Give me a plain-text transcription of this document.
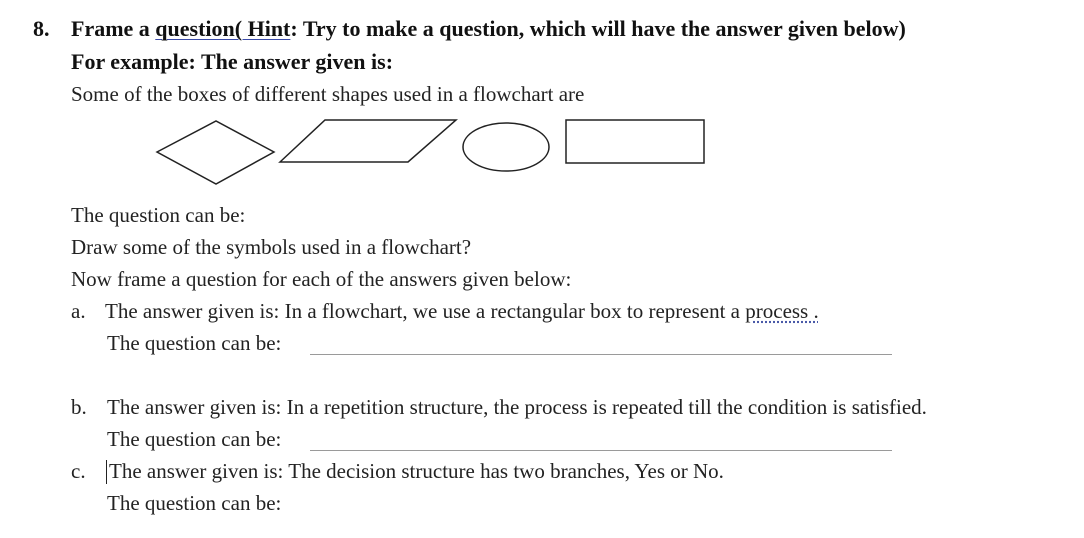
8. Frame a question( Hint: Try to make a question, which will have the answer given below)
For example: The answer given is:
Some of the boxes of different shapes used in a flowchart are
The question can be:
Draw some of the symbols used in a flowchart?
Now frame a question for each of the answers given below:
a. The answer given is: In a flowchart, we use a rectangular box to represent a process .
The question can be:
b. The answer given is: In a repetition structure, the process is repeated till the condition is satisfied.
The question can be:
c. The answer given is: The decision structure has two branches, Yes or No.
The question can be:
